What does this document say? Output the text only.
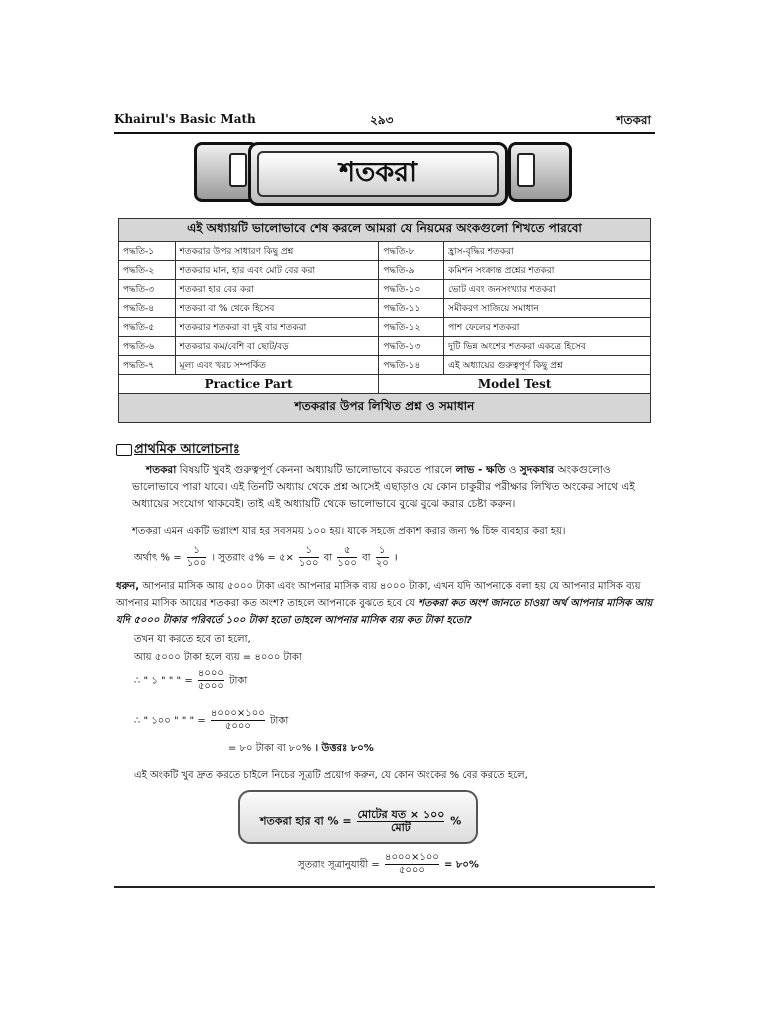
Khairul's Basic Math	২৯৩	শতকরা
শতকরা
এই অধ্যায়টি ভালোভাবে শেষ করলে আমরা যে নিয়মের অংকগুলো শিখতে পারবো			
পদ্ধতি-১	শতকরার উপর সাধারণ কিছু প্রশ্ন	পদ্ধতি-৮	হ্রাস-বৃদ্ধির শতকরা
পদ্ধতি-২	শতকরার মান, হার এবং মোট বের করা	পদ্ধতি-৯	কমিশন সংক্রান্ত প্রশ্নের শতকরা
পদ্ধতি-৩	শতকরা হার বের করা	পদ্ধতি-১০	ভোট এবং জনসংখ্যার শতকরা
পদ্ধতি-৪	শতকরা বা % থেকে হিসেব	পদ্ধতি-১১	সমীকরণ সাজিয়ে সমাধান
পদ্ধতি-৫	শতকরার শতকরা বা দুই বার শতকরা	পদ্ধতি-১২	পাশ ফেলের শতকরা
পদ্ধতি-৬	শতকরার কম/বেশি বা ছোট/বড়	পদ্ধতি-১৩	দুটি ভিন্ন অংশের শতকরা একত্রে হিসেব
পদ্ধতি-৭	মূল্য এবং খরচ সম্পর্কিত	পদ্ধতি-১৪	এই অধ্যায়ের গুরুত্বপূর্ণ কিছু প্রশ্ন
Practice Part		Model Test	
শতকরার উপর লিখিত প্রশ্ন ও সমাধান			
প্রাথমিক আলোচনাঃ
শতকরা বিষয়টি খুবই গুরুত্বপূর্ণ কেননা অধ্যায়টি ভালোভাবে করতে পারলে লাভ - ক্ষতি ও সুদকষার অংকগুলোও ভালোভাবে পারা যাবে। এই তিনটি অধ্যায় থেকে প্রশ্ন আসেই এছাড়াও যে কোন চাকুরীর পরীক্ষার লিখিত অংকের সাথে এই অধ্যায়ের সংযোগ থাকবেই। তাই এই অধ্যায়টি থেকে ভালোভাবে বুঝে বুঝে করার চেষ্টা করুন।
শতকরা এমন একটি ভগ্নাংশ যার হর সবসময় ১০০ হয়। যাকে সহজে প্রকাশ করার জন্য % চিহ্ন ব্যবহার করা হয়।
অর্থাৎ % = $\frac{১}{১০০}$ । সুতরাং ৫% = ৫× $\frac{১}{১০০}$ বা $\frac{৫}{১০০}$ বা $\frac{১}{২০}$ ।
ধরুন, আপনার মাসিক আয় ৫০০০ টাকা এবং আপনার মাসিক ব্যয় ৪০০০ টাকা, এখন যদি আপনাকে বলা হয় যে আপনার মাসিক ব্যয় আপনার মাসিক আয়ের শতকরা কত অংশ? তাহলে আপনাকে বুঝতে হবে যে শতকরা কত অংশ জানতে চাওয়া অর্থ আপনার মাসিক আয় যদি ৫০০০ টাকার পরিবর্তে ১০০ টাকা হতো তাহলে আপনার মাসিক ব্যয় কত টাকা হতো?
তখন যা করতে হবে তা হলো,
আয় ৫০০০ টাকা হলে ব্যয় = ৪০০০ টাকা
∴ " ১ " " " = $\frac{৪০০০}{৫০০০}$ টাকা
∴ " ১০০ " " " = $\frac{৪০০০\times ১০০}{৫০০০}$ টাকা
= ৮০ টাকা বা ৮০% । উত্তরঃ ৮০%
এই অংকটি খুব দ্রুত করতে চাইলে নিচের সূত্রটি প্রয়োগ করুন, যে কোন অংকের % বের করতে হলে,
শতকরা হার বা % = $\frac{\text{মোটের যত × ১০০}}{\text{মোট}}$ %
সুতরাং সূত্রানুযায়ী = $\frac{৪০০০\times ১০০}{৫০০০}$ = ৮০%
